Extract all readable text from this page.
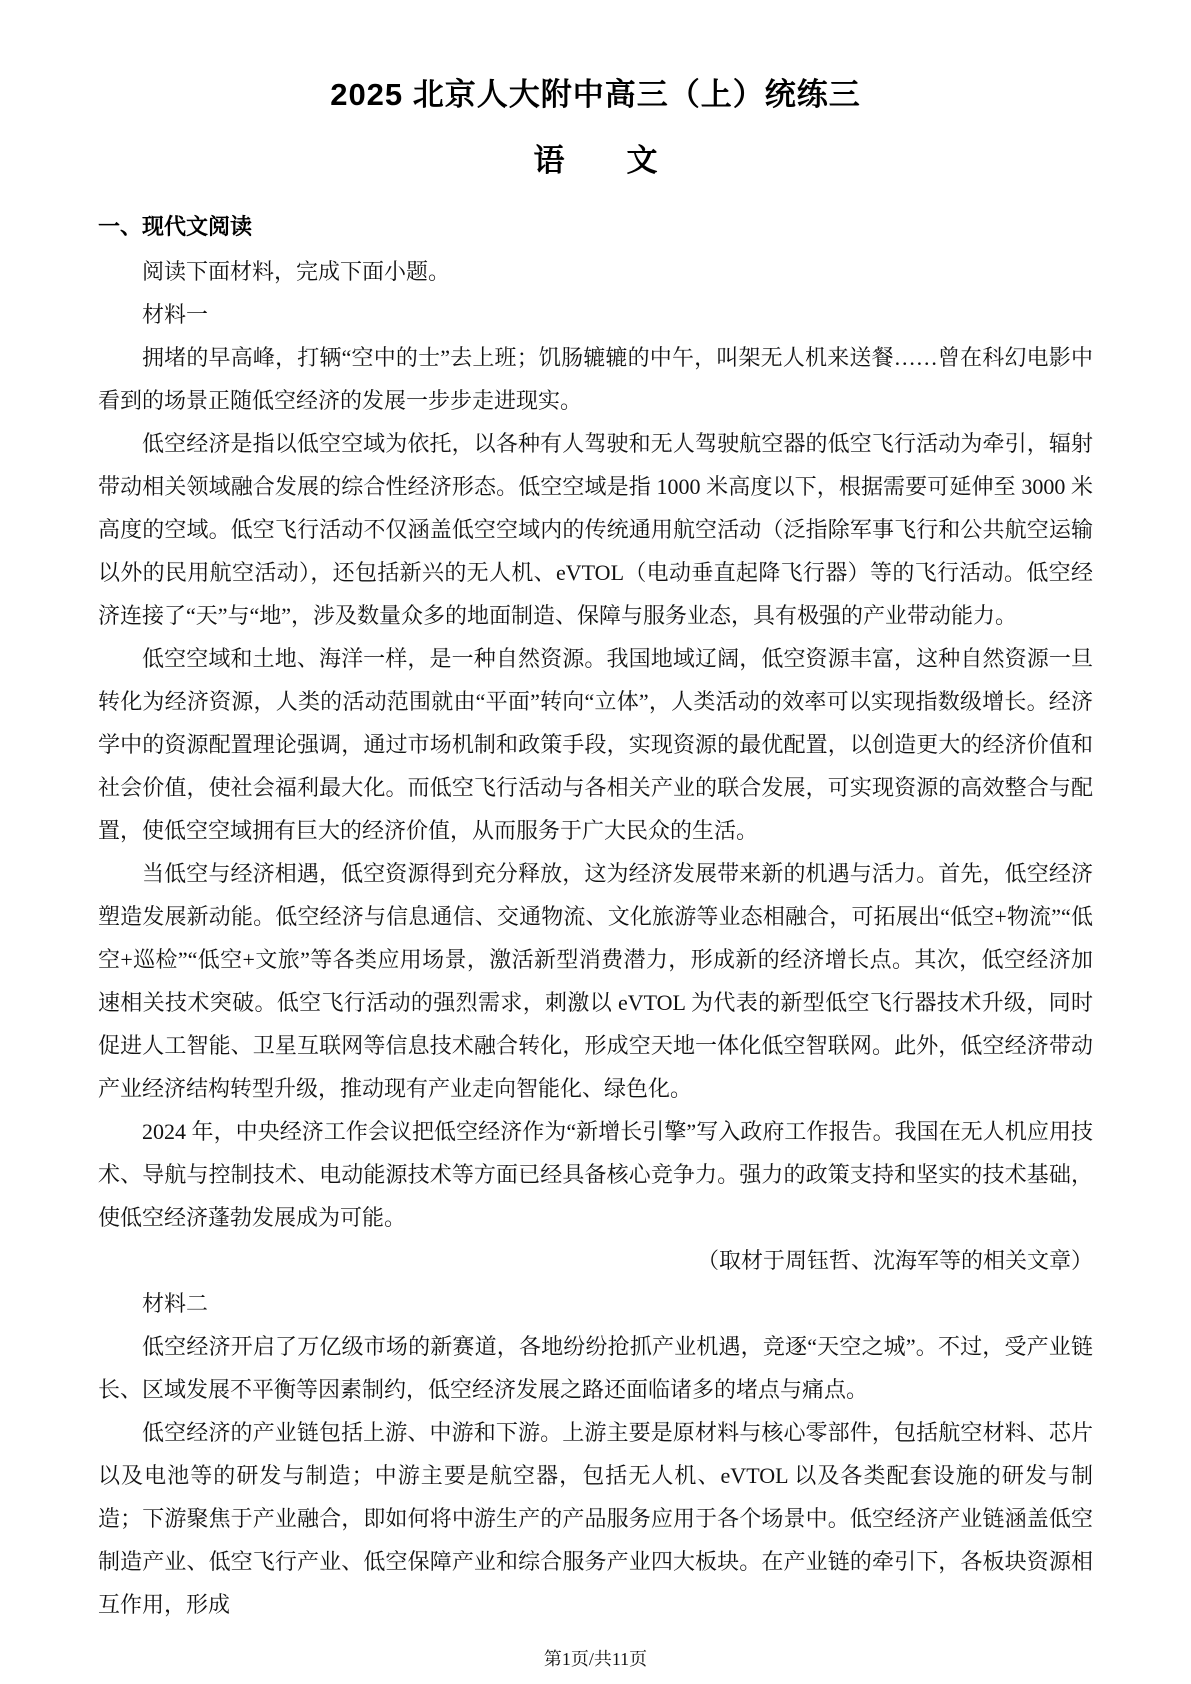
2025 北京人大附中高三（上）统练三
语　　文
一、现代文阅读

阅读下面材料，完成下面小题。

材料一

拥堵的早高峰，打辆“空中的士”去上班；饥肠辘辘的中午，叫架无人机来送餐……曾在科幻电影中看到的场景正随低空经济的发展一步步走进现实。

低空经济是指以低空空域为依托，以各种有人驾驶和无人驾驶航空器的低空飞行活动为牵引，辐射带动相关领域融合发展的综合性经济形态。低空空域是指 1000 米高度以下，根据需要可延伸至 3000 米高度的空域。低空飞行活动不仅涵盖低空空域内的传统通用航空活动（泛指除军事飞行和公共航空运输以外的民用航空活动），还包括新兴的无人机、eVTOL（电动垂直起降飞行器）等的飞行活动。低空经济连接了“天”与“地”，涉及数量众多的地面制造、保障与服务业态，具有极强的产业带动能力。

低空空域和土地、海洋一样，是一种自然资源。我国地域辽阔，低空资源丰富，这种自然资源一旦转化为经济资源，人类的活动范围就由“平面”转向“立体”，人类活动的效率可以实现指数级增长。经济学中的资源配置理论强调，通过市场机制和政策手段，实现资源的最优配置，以创造更大的经济价值和社会价值，使社会福利最大化。而低空飞行活动与各相关产业的联合发展，可实现资源的高效整合与配置，使低空空域拥有巨大的经济价值，从而服务于广大民众的生活。

当低空与经济相遇，低空资源得到充分释放，这为经济发展带来新的机遇与活力。首先，低空经济塑造发展新动能。低空经济与信息通信、交通物流、文化旅游等业态相融合，可拓展出“低空+物流”“低空+巡检”“低空+文旅”等各类应用场景，激活新型消费潜力，形成新的经济增长点。其次，低空经济加速相关技术突破。低空飞行活动的强烈需求，刺激以 eVTOL 为代表的新型低空飞行器技术升级，同时促进人工智能、卫星互联网等信息技术融合转化，形成空天地一体化低空智联网。此外，低空经济带动产业经济结构转型升级，推动现有产业走向智能化、绿色化。

2024 年，中央经济工作会议把低空经济作为“新增长引擎”写入政府工作报告。我国在无人机应用技术、导航与控制技术、电动能源技术等方面已经具备核心竞争力。强力的政策支持和坚实的技术基础，使低空经济蓬勃发展成为可能。

（取材于周钰哲、沈海军等的相关文章）

材料二

低空经济开启了万亿级市场的新赛道，各地纷纷抢抓产业机遇，竞逐“天空之城”。不过，受产业链长、区域发展不平衡等因素制约，低空经济发展之路还面临诸多的堵点与痛点。

低空经济的产业链包括上游、中游和下游。上游主要是原材料与核心零部件，包括航空材料、芯片以及电池等的研发与制造；中游主要是航空器，包括无人机、eVTOL 以及各类配套设施的研发与制造；下游聚焦于产业融合，即如何将中游生产的产品服务应用于各个场景中。低空经济产业链涵盖低空制造产业、低空飞行产业、低空保障产业和综合服务产业四大板块。在产业链的牵引下，各板块资源相互作用，形成

第1页/共11页
